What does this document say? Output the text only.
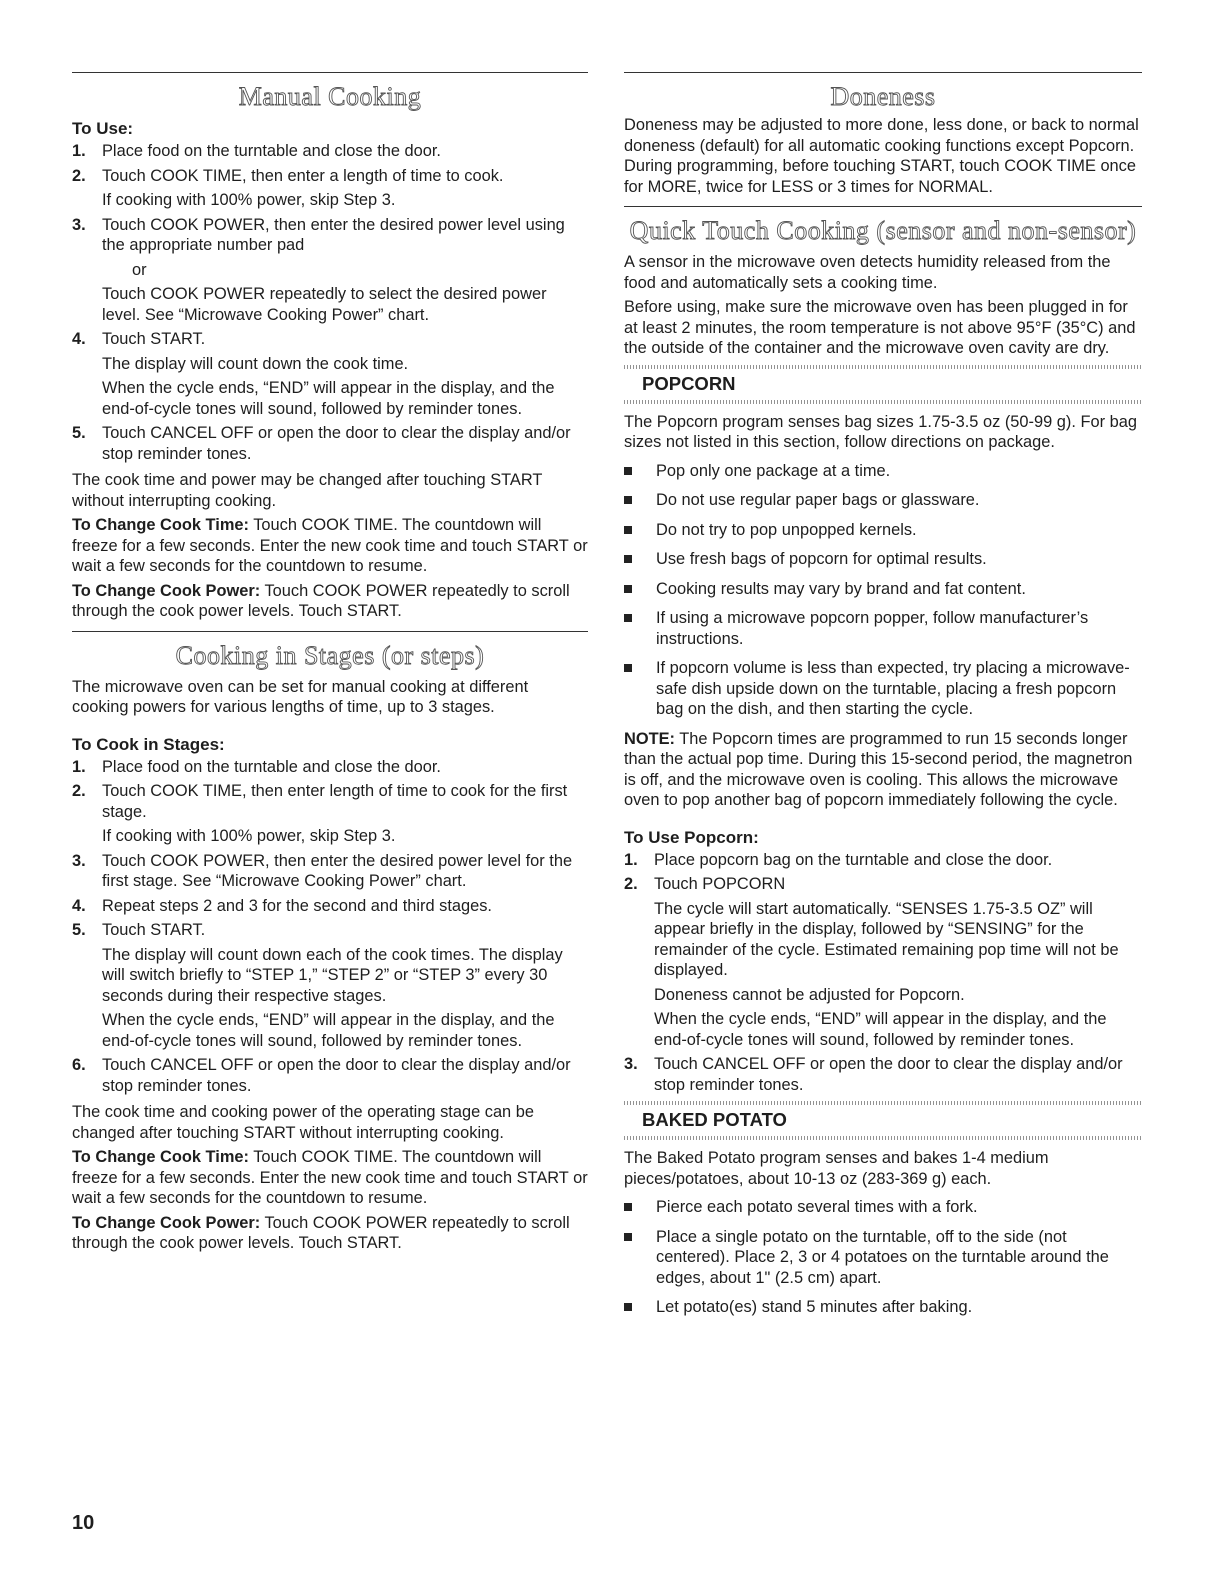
Manual Cooking
To Use:
1. Place food on the turntable and close the door.
2. Touch COOK TIME, then enter a length of time to cook.
If cooking with 100% power, skip Step 3.
3. Touch COOK POWER, then enter the desired power level using the appropriate number pad
or
Touch COOK POWER repeatedly to select the desired power level. See “Microwave Cooking Power” chart.
4. Touch START.
The display will count down the cook time.
When the cycle ends, “END” will appear in the display, and the end-of-cycle tones will sound, followed by reminder tones.
5. Touch CANCEL OFF or open the door to clear the display and/or stop reminder tones.

The cook time and power may be changed after touching START without interrupting cooking.

To Change Cook Time: Touch COOK TIME. The countdown will freeze for a few seconds. Enter the new cook time and touch START or wait a few seconds for the countdown to resume.

To Change Cook Power: Touch COOK POWER repeatedly to scroll through the cook power levels. Touch START.

Cooking in Stages (or steps)

The microwave oven can be set for manual cooking at different cooking powers for various lengths of time, up to 3 stages.

To Cook in Stages:
1. Place food on the turntable and close the door.
2. Touch COOK TIME, then enter length of time to cook for the first stage.
If cooking with 100% power, skip Step 3.
3. Touch COOK POWER, then enter the desired power level for the first stage. See “Microwave Cooking Power” chart.
4. Repeat steps 2 and 3 for the second and third stages.
5. Touch START.
The display will count down each of the cook times. The display will switch briefly to “STEP 1,” “STEP 2” or “STEP 3” every 30 seconds during their respective stages.
When the cycle ends, “END” will appear in the display, and the end-of-cycle tones will sound, followed by reminder tones.
6. Touch CANCEL OFF or open the door to clear the display and/or stop reminder tones.

The cook time and cooking power of the operating stage can be changed after touching START without interrupting cooking.

To Change Cook Time: Touch COOK TIME. The countdown will freeze for a few seconds. Enter the new cook time and touch START or wait a few seconds for the countdown to resume.

To Change Cook Power: Touch COOK POWER repeatedly to scroll through the cook power levels. Touch START.

Doneness

Doneness may be adjusted to more done, less done, or back to normal doneness (default) for all automatic cooking functions except Popcorn. During programming, before touching START, touch COOK TIME once for MORE, twice for LESS or 3 times for NORMAL.

Quick Touch Cooking (sensor and non-sensor)

A sensor in the microwave oven detects humidity released from the food and automatically sets a cooking time.

Before using, make sure the microwave oven has been plugged in for at least 2 minutes, the room temperature is not above 95°F (35°C) and the outside of the container and the microwave oven cavity are dry.

POPCORN

The Popcorn program senses bag sizes 1.75-3.5 oz (50-99 g). For bag sizes not listed in this section, follow directions on package.

Pop only one package at a time.
Do not use regular paper bags or glassware.
Do not try to pop unpopped kernels.
Use fresh bags of popcorn for optimal results.
Cooking results may vary by brand and fat content.
If using a microwave popcorn popper, follow manufacturer’s instructions.
If popcorn volume is less than expected, try placing a microwave-safe dish upside down on the turntable, placing a fresh popcorn bag on the dish, and then starting the cycle.

NOTE: The Popcorn times are programmed to run 15 seconds longer than the actual pop time. During this 15-second period, the magnetron is off, and the microwave oven is cooling. This allows the microwave oven to pop another bag of popcorn immediately following the cycle.

To Use Popcorn:
1. Place popcorn bag on the turntable and close the door.
2. Touch POPCORN
The cycle will start automatically. “SENSES 1.75-3.5 OZ” will appear briefly in the display, followed by “SENSING” for the remainder of the cycle. Estimated remaining pop time will not be displayed.
Doneness cannot be adjusted for Popcorn.
When the cycle ends, “END” will appear in the display, and the end-of-cycle tones will sound, followed by reminder tones.
3. Touch CANCEL OFF or open the door to clear the display and/or stop reminder tones.
BAKED POTATO

The Baked Potato program senses and bakes 1-4 medium pieces/potatoes, about 10-13 oz (283-369 g) each.

Pierce each potato several times with a fork.
Place a single potato on the turntable, off to the side (not centered). Place 2, 3 or 4 potatoes on the turntable around the edges, about 1" (2.5 cm) apart.
Let potato(es) stand 5 minutes after baking.
10
